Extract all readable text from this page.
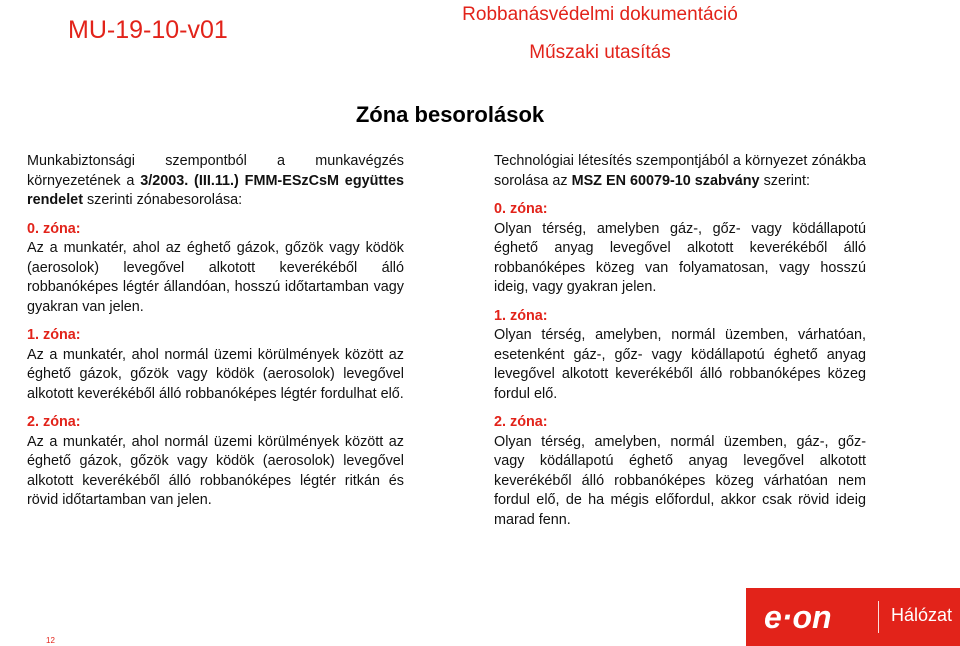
MU-19-10-v01
Robbanásvédelmi dokumentáció
Műszaki utasítás
Zóna besorolások

Munkabiztonsági szempontból a munkavégzés környezetének a 3/2003. (III.11.) FMM-ESzCsM együttes rendelet szerinti zónabesorolása:

0. zóna:

Az a munkatér, ahol az éghető gázok, gőzök vagy ködök (aerosolok) levegővel alkotott keverékéből álló robbanóképes légtér állandóan, hosszú időtartamban vagy gyakran van jelen.

1. zóna:

Az a munkatér, ahol normál üzemi körülmények között az éghető gázok, gőzök vagy ködök (aerosolok) levegővel alkotott keverékéből álló robbanóképes légtér fordulhat elő.

2. zóna:

Az a munkatér, ahol normál üzemi körülmények között az éghető gázok, gőzök vagy ködök (aerosolok) levegővel alkotott keverékéből álló robbanóképes légtér ritkán és rövid időtartamban van jelen.

Technológiai létesítés szempontjából a környezet zónákba sorolása az MSZ EN 60079-10 szabvány szerint:

0. zóna:

Olyan térség, amelyben gáz-, gőz- vagy ködállapotú éghető anyag levegővel alkotott keverékéből álló robbanóképes közeg van folyamatosan, vagy hosszú ideig, vagy gyakran jelen.

1. zóna:

Olyan térség, amelyben, normál üzemben, várhatóan, esetenként gáz-, gőz- vagy ködállapotú éghető anyag levegővel alkotott keverékéből álló robbanóképes közeg fordul elő.

2. zóna:

Olyan térség, amelyben, normál üzemben, gáz-, gőz- vagy ködállapotú éghető anyag levegővel alkotott keverékéből álló robbanóképes közeg várhatóan nem fordul elő, de ha mégis előfordul, akkor csak rövid ideig marad fenn.

12
e·on	Hálózat
